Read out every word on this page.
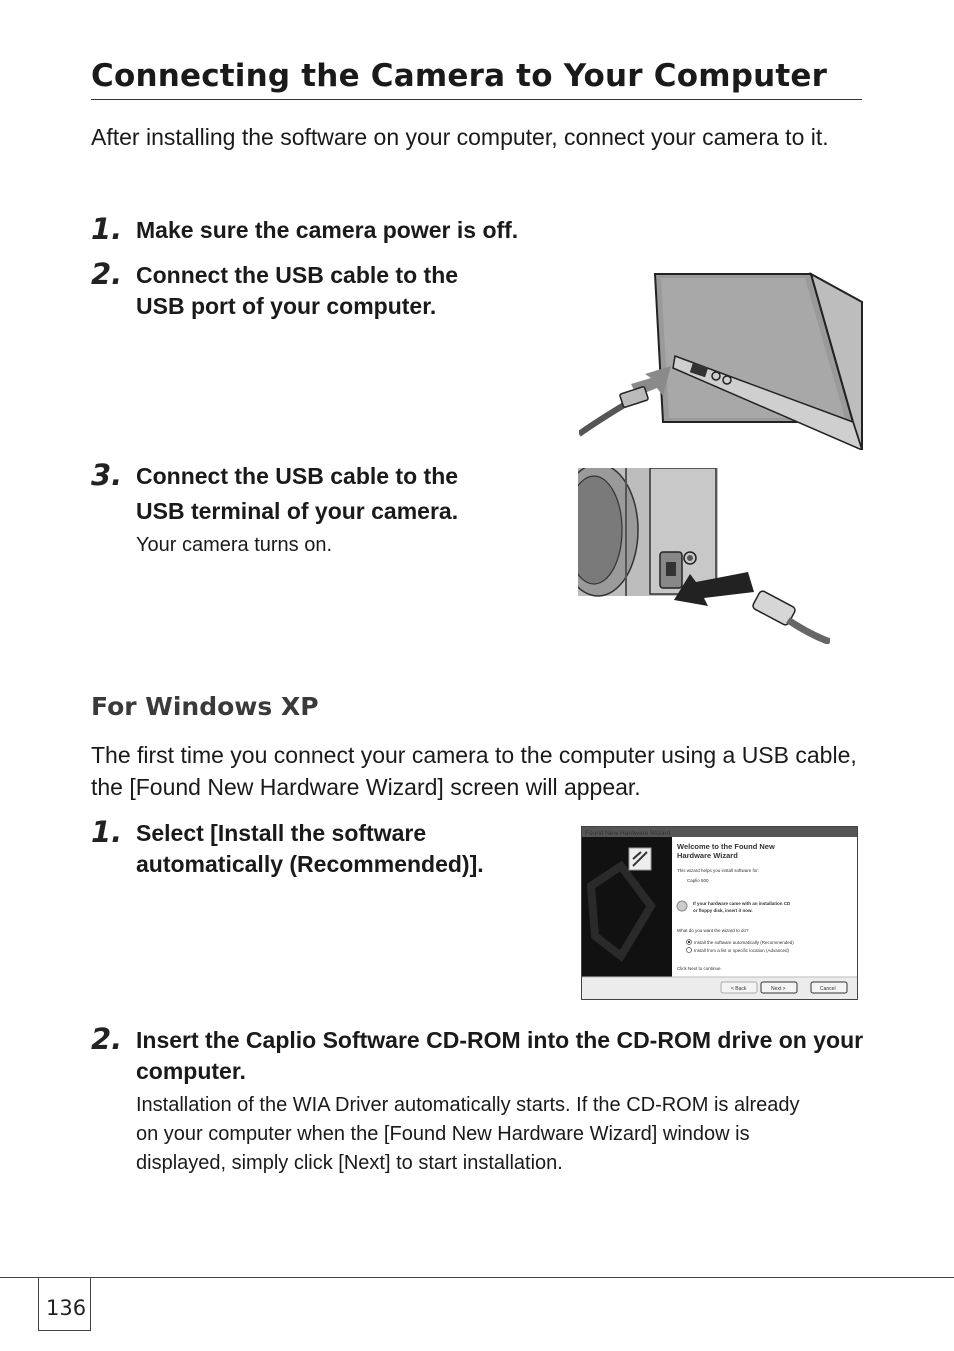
Connecting the Camera to Your Computer
After installing the software on your computer, connect your camera to it.
1. Make sure the camera power is off.
2. Connect the USB cable to the
USB port of your computer.
3. Connect the USB cable to the
USB terminal of your camera.
Your camera turns on.
For Windows XP
The first time you connect your camera to the computer using a USB cable, the [Found New Hardware Wizard] screen will appear.
1. Select [Install the software
automatically (Recommended)].
Found New Hardware Wizard
Welcome to the Found New
Hardware Wizard
This wizard helps you install software for:
Caplio 500
If your hardware came with an installation CD
or floppy disk, insert it now.
What do you want the wizard to do?
Install the software automatically (Recommended)
Install from a list or specific location (Advanced)
Click Next to continue.
< Back	Next >	Cancel
2. Insert the Caplio Software CD-ROM into the CD-ROM drive on your computer.
Installation of the WIA Driver automatically starts. If the CD-ROM is already on your computer when the [Found New Hardware Wizard] window is displayed, simply click [Next] to start installation.
136
